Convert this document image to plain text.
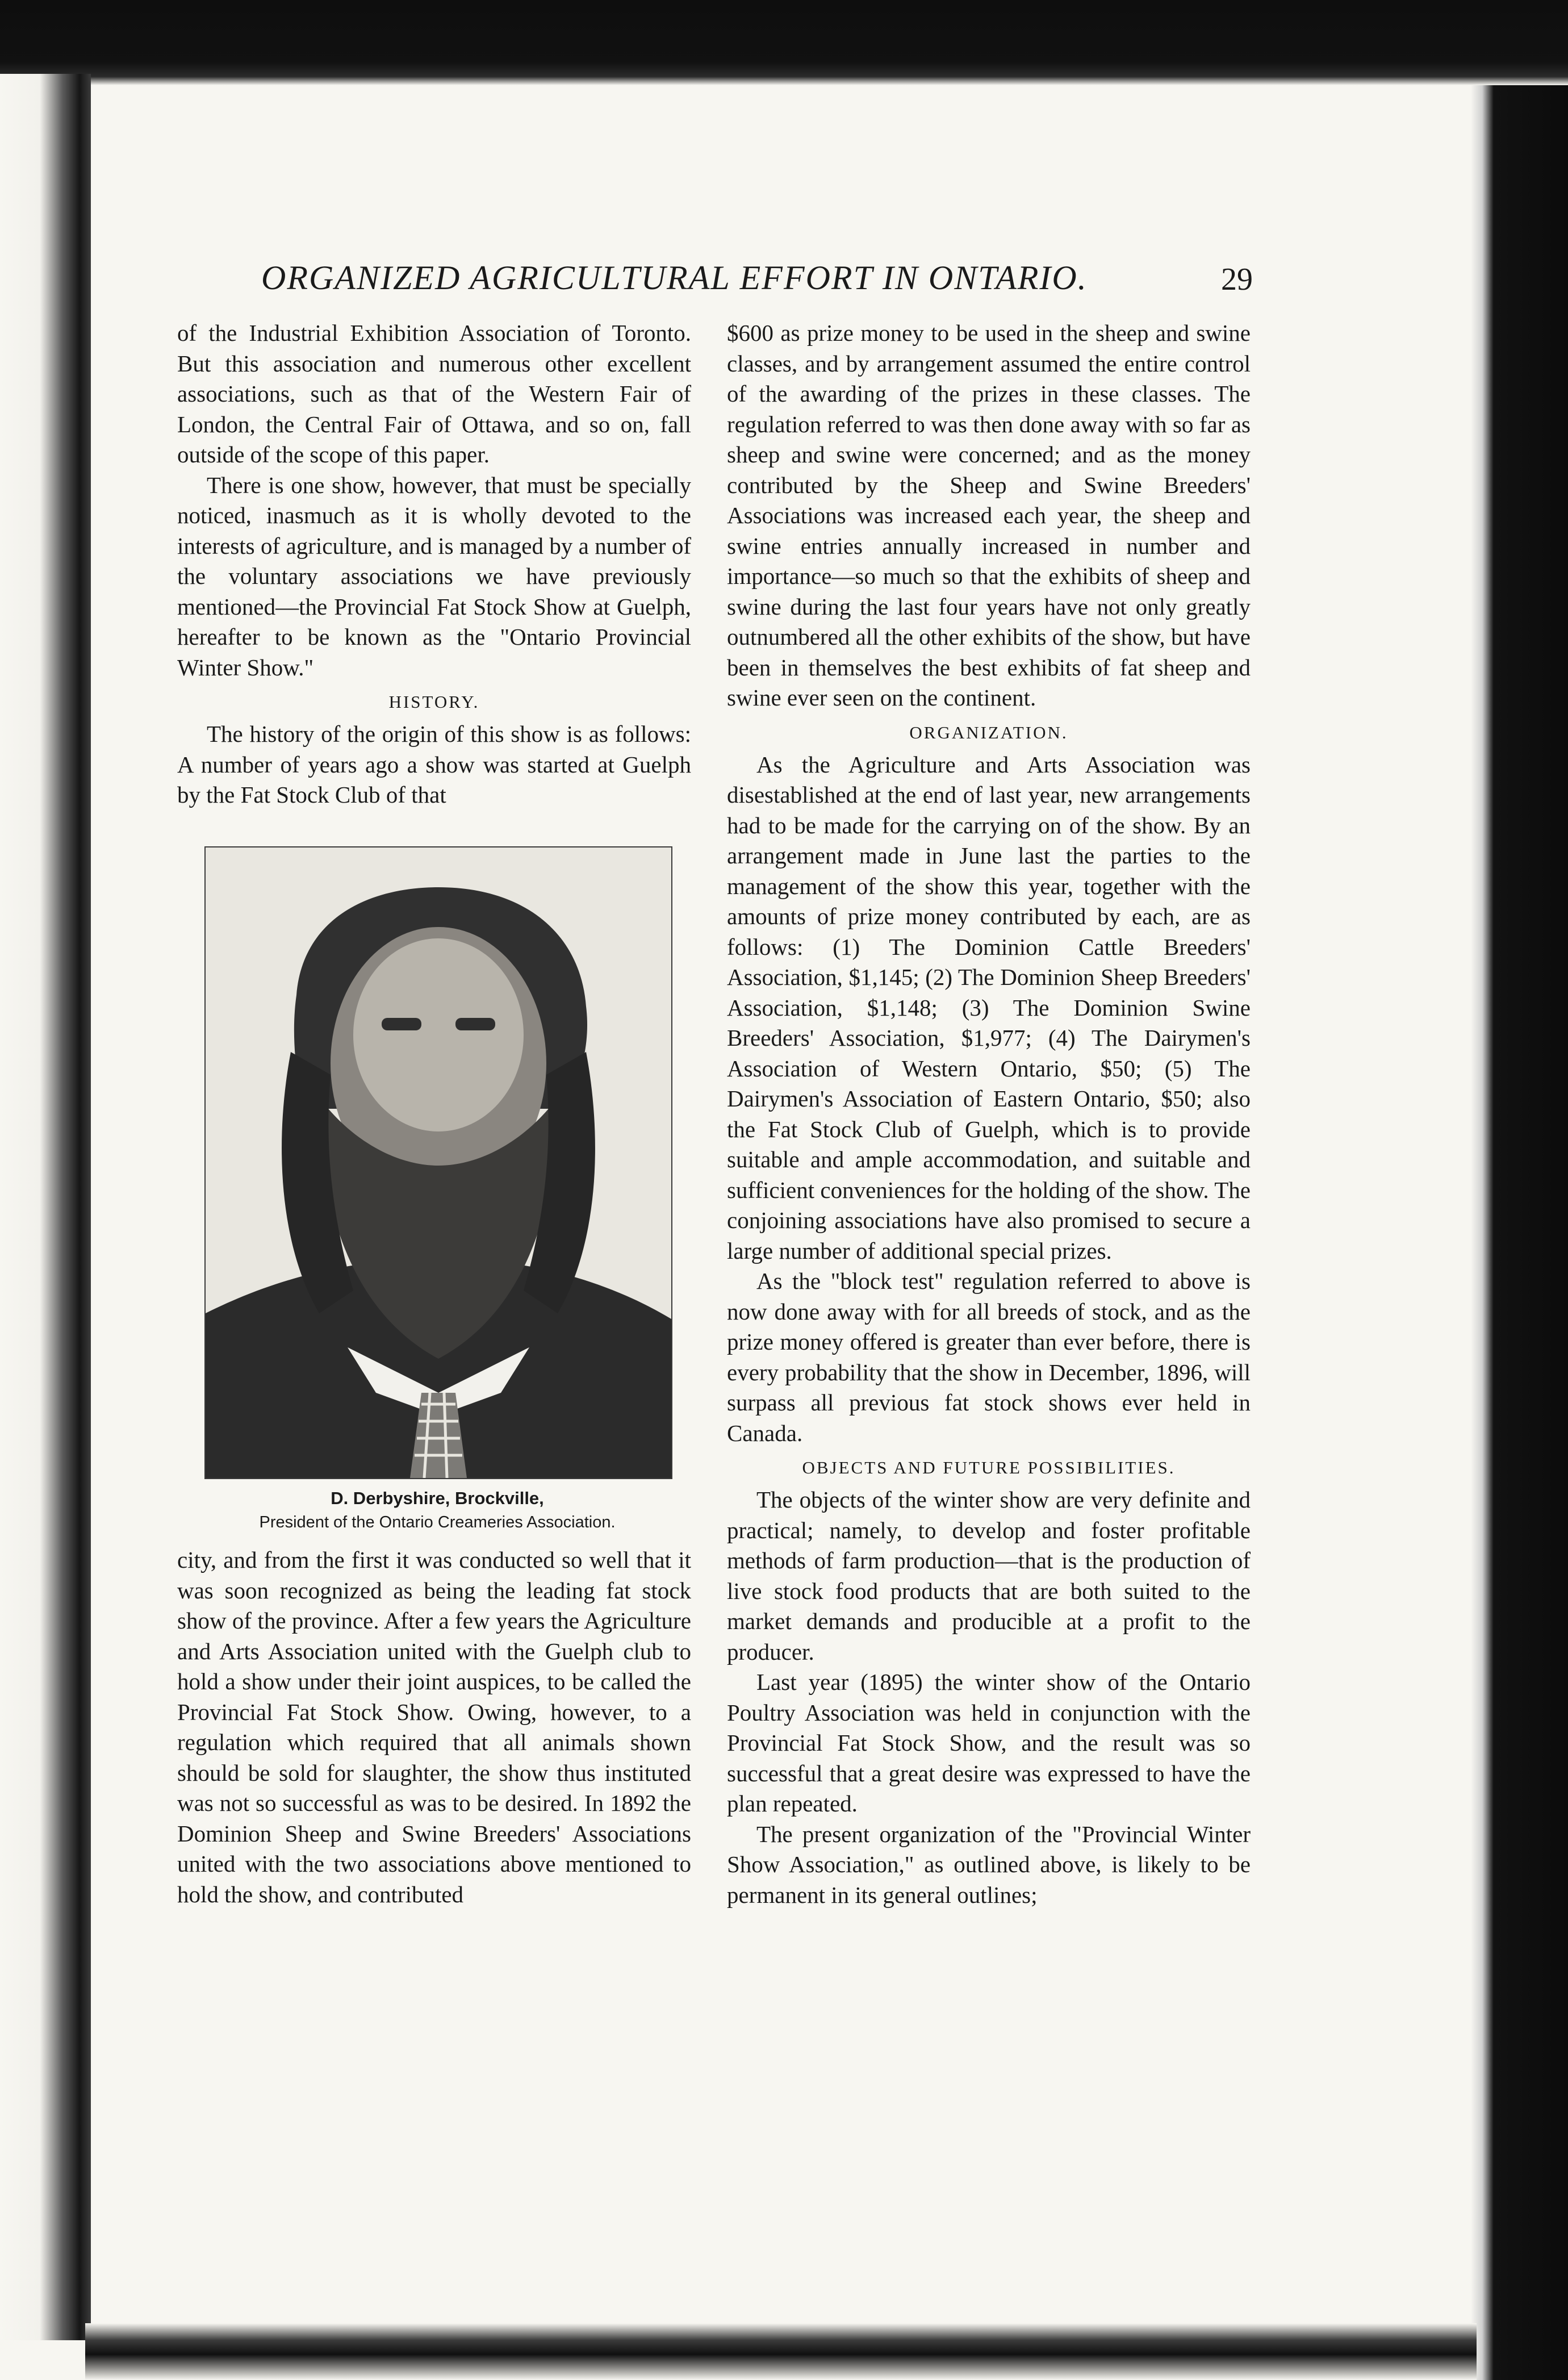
ORGANIZED AGRICULTURAL EFFORT IN ONTARIO.	29

of the Industrial Exhibition Association of Toronto. But this association and numerous other excellent associations, such as that of the Western Fair of London, the Central Fair of Ottawa, and so on, fall outside of the scope of this paper.

There is one show, however, that must be specially noticed, inasmuch as it is wholly devoted to the interests of agriculture, and is managed by a number of the voluntary associations we have previously mentioned—the Provincial Fat Stock Show at Guelph, hereafter to be known as the "Ontario Provincial Winter Show."

HISTORY.

The history of the origin of this show is as follows: A number of years ago a show was started at Guelph by the Fat Stock Club of that

D. Derbyshire, Brockville,
President of the Ontario Creameries Association.

city, and from the first it was conducted so well that it was soon recognized as being the leading fat stock show of the province. After a few years the Agriculture and Arts Association united with the Guelph club to hold a show under their joint auspices, to be called the Provincial Fat Stock Show. Owing, however, to a regulation which required that all animals shown should be sold for slaughter, the show thus instituted was not so successful as was to be desired. In 1892 the Dominion Sheep and Swine Breeders' Associations united with the two associations above mentioned to hold the show, and contributed

$600 as prize money to be used in the sheep and swine classes, and by arrangement assumed the entire control of the awarding of the prizes in these classes. The regulation referred to was then done away with so far as sheep and swine were concerned; and as the money contributed by the Sheep and Swine Breeders' Associations was increased each year, the sheep and swine entries annually increased in number and importance—so much so that the exhibits of sheep and swine during the last four years have not only greatly outnumbered all the other exhibits of the show, but have been in themselves the best exhibits of fat sheep and swine ever seen on the continent.

ORGANIZATION.

As the Agriculture and Arts Association was disestablished at the end of last year, new arrangements had to be made for the carrying on of the show. By an arrangement made in June last the parties to the management of the show this year, together with the amounts of prize money contributed by each, are as follows: (1) The Dominion Cattle Breeders' Association, $1,145; (2) The Dominion Sheep Breeders' Association, $1,148; (3) The Dominion Swine Breeders' Association, $1,977; (4) The Dairymen's Association of Western Ontario, $50; (5) The Dairymen's Association of Eastern Ontario, $50; also the Fat Stock Club of Guelph, which is to provide suitable and ample accommodation, and suitable and sufficient conveniences for the holding of the show. The conjoining associations have also promised to secure a large number of additional special prizes.

As the "block test" regulation referred to above is now done away with for all breeds of stock, and as the prize money offered is greater than ever before, there is every probability that the show in December, 1896, will surpass all previous fat stock shows ever held in Canada.

OBJECTS AND FUTURE POSSIBILITIES.

The objects of the winter show are very definite and practical; namely, to develop and foster profitable methods of farm production—that is the production of live stock food products that are both suited to the market demands and producible at a profit to the producer.

Last year (1895) the winter show of the Ontario Poultry Association was held in conjunction with the Provincial Fat Stock Show, and the result was so successful that a great desire was expressed to have the plan repeated.

The present organization of the "Provincial Winter Show Association," as outlined above, is likely to be permanent in its general outlines;
